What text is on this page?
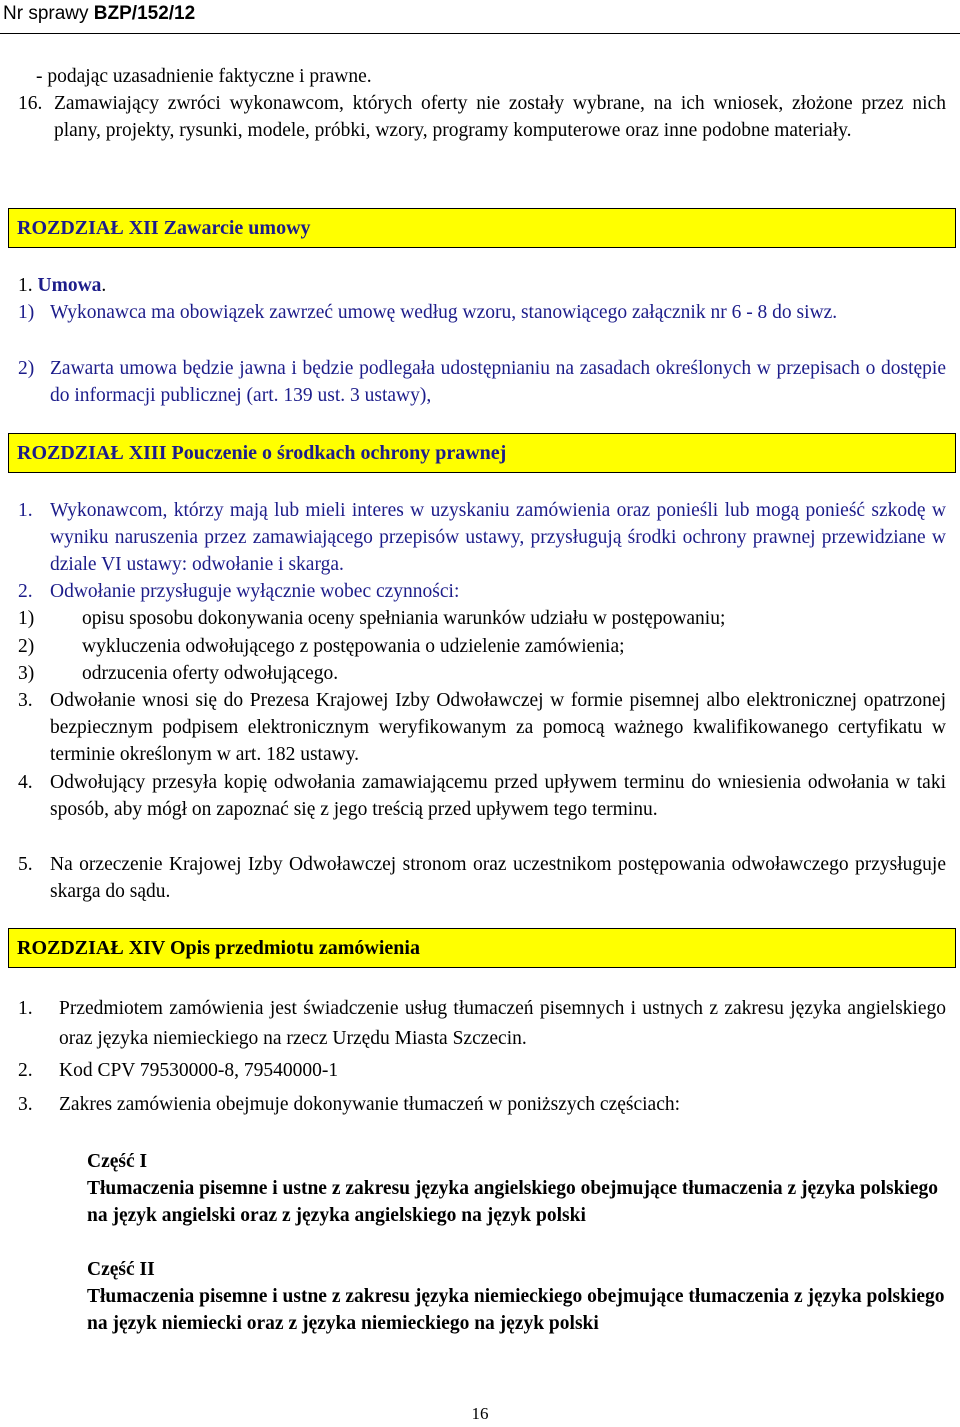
Nr sprawy BZP/152/12
- podając uzasadnienie faktyczne i prawne.
16. Zamawiający zwróci wykonawcom, których oferty nie zostały wybrane, na ich wniosek, złożone przez nich plany, projekty, rysunki, modele, próbki, wzory, programy komputerowe oraz inne podobne materiały.
ROZDZIAŁ XII Zawarcie umowy
1. Umowa.
1) Wykonawca ma obowiązek zawrzeć umowę według wzoru, stanowiącego załącznik nr 6 - 8 do siwz.
2) Zawarta umowa będzie jawna i będzie podlegała udostępnianiu na zasadach określonych w przepisach o dostępie do informacji publicznej (art. 139 ust. 3 ustawy),
ROZDZIAŁ XIII Pouczenie o środkach ochrony prawnej
1. Wykonawcom, którzy mają lub mieli interes w uzyskaniu zamówienia oraz ponieśli lub mogą ponieść szkodę w wyniku naruszenia przez zamawiającego przepisów ustawy, przysługują środki ochrony prawnej przewidziane w dziale VI ustawy: odwołanie i skarga.
2. Odwołanie przysługuje wyłącznie wobec czynności:
1)	opisu sposobu dokonywania oceny spełniania warunków udziału w postępowaniu;
2)	wykluczenia odwołującego z postępowania o udzielenie zamówienia;
3)	odrzucenia oferty odwołującego.
3. Odwołanie wnosi się do Prezesa Krajowej Izby Odwoławczej w formie pisemnej albo elektronicznej opatrzonej bezpiecznym podpisem elektronicznym weryfikowanym za pomocą ważnego kwalifikowanego certyfikatu w terminie określonym w art. 182 ustawy.
4. Odwołujący przesyła kopię odwołania zamawiającemu przed upływem terminu do wniesienia odwołania w taki sposób, aby mógł on zapoznać się z jego treścią przed upływem tego terminu.
5. Na orzeczenie Krajowej Izby Odwoławczej stronom oraz uczestnikom postępowania odwoławczego przysługuje skarga do sądu.
ROZDZIAŁ XIV Opis przedmiotu zamówienia
1.	Przedmiotem zamówienia jest świadczenie usług tłumaczeń pisemnych i ustnych z zakresu języka angielskiego oraz języka niemieckiego na rzecz Urzędu Miasta Szczecin.
2.	Kod CPV 79530000-8, 79540000-1
3.	Zakres zamówienia obejmuje dokonywanie tłumaczeń w poniższych częściach:
Część I
Tłumaczenia pisemne i ustne z zakresu języka angielskiego obejmujące tłumaczenia z języka polskiego na język angielski oraz z języka angielskiego na język polski
Część II
Tłumaczenia pisemne i ustne z zakresu języka niemieckiego obejmujące tłumaczenia z języka polskiego na język niemiecki oraz z języka niemieckiego na język polski
16
